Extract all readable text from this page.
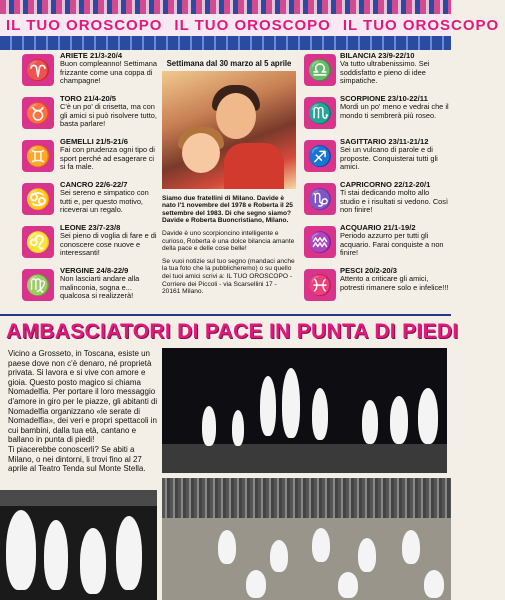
IL TUO OROSCOPO IL TUO OROSCOPO IL TUO OROSCOPO
♈
ARIETE 21/3-20/4
Buon compleanno! Settimana frizzante come una coppa di champagne!
♉
TORO 21/4-20/5
C'è un po' di crisetta, ma con gli amici si può risolvere tutto, basta parlare!
♊
GEMELLI 21/5-21/6
Fai con prudenza ogni tipo di sport perché ad esagerare ci si fa male.
♋
CANCRO 22/6-22/7
Sei sereno e simpatico con tutti e, per questo motivo, riceverai un regalo.
♌
LEONE 23/7-23/8
Sei pieno di voglia di fare e di conoscere cose nuove e interessanti!
♍
VERGINE 24/8-22/9
Non lasciarti andare alla malinconia, sogna e... qualcosa si realizzerà!
Settimana dal 30 marzo al 5 aprile

Siamo due fratellini di Milano. Davide è nato l'1 novembre del 1978 e Roberta il 25 settembre del 1983. Di che segno siamo? Davide e Roberta Buoncristiano, Milano.

Davide è uno scorpioncino intelligente e curioso, Roberta è una dolce bilancia amante della pace e delle cose belle!

Se vuoi notizie sul tuo segno (mandaci anche la tua foto che la pubblicheremo) o su quello dei tuoi amici scrivi a: IL TUO OROSCOPO - Corriere dei Piccoli - via Scarsellini 17 - 20161 Milano.

♎
BILANCIA 23/9-22/10
Va tutto ultrabenissimo. Sei soddisfatto e pieno di idee simpatiche.
♏
SCORPIONE 23/10-22/11
Mordi un po' meno e vedrai che il mondo ti sembrerà più roseo.
♐
SAGITTARIO 23/11-21/12
Sei un vulcano di parole e di proposte. Conquisterai tutti gli amici.
♑
CAPRICORNO 22/12-20/1
Ti stai dedicando molto allo studio e i risultati si vedono. Così non finire!
♒
ACQUARIO 21/1-19/2
Periodo azzurro per tutti gli acquario. Farai conquiste a non finire!
♓
PESCI 20/2-20/3
Attento a criticare gli amici, potresti rimanere solo e infelice!!!
AMBASCIATORI DI PACE IN PUNTA DI PIEDI

Vicino a Grosseto, in Toscana, esiste un paese dove non c'è denaro, né proprietà privata. Si lavora e si vive con amore e gioia. Questo posto magico si chiama Nomadelfia. Per portare il loro messaggio d'amore in giro per le piazze, gli abitanti di Nomadelfia organizzano «le serate di Nomadelfia», dei veri e propri spettacoli in cui bambini, dalla tua età, cantano e ballano in punta di piedi!

Ti piacerebbe conoscerli? Se abiti a Milano, o nei dintorni, li trovi fino al 27 aprile al Teatro Tenda sul Monte Stella.
